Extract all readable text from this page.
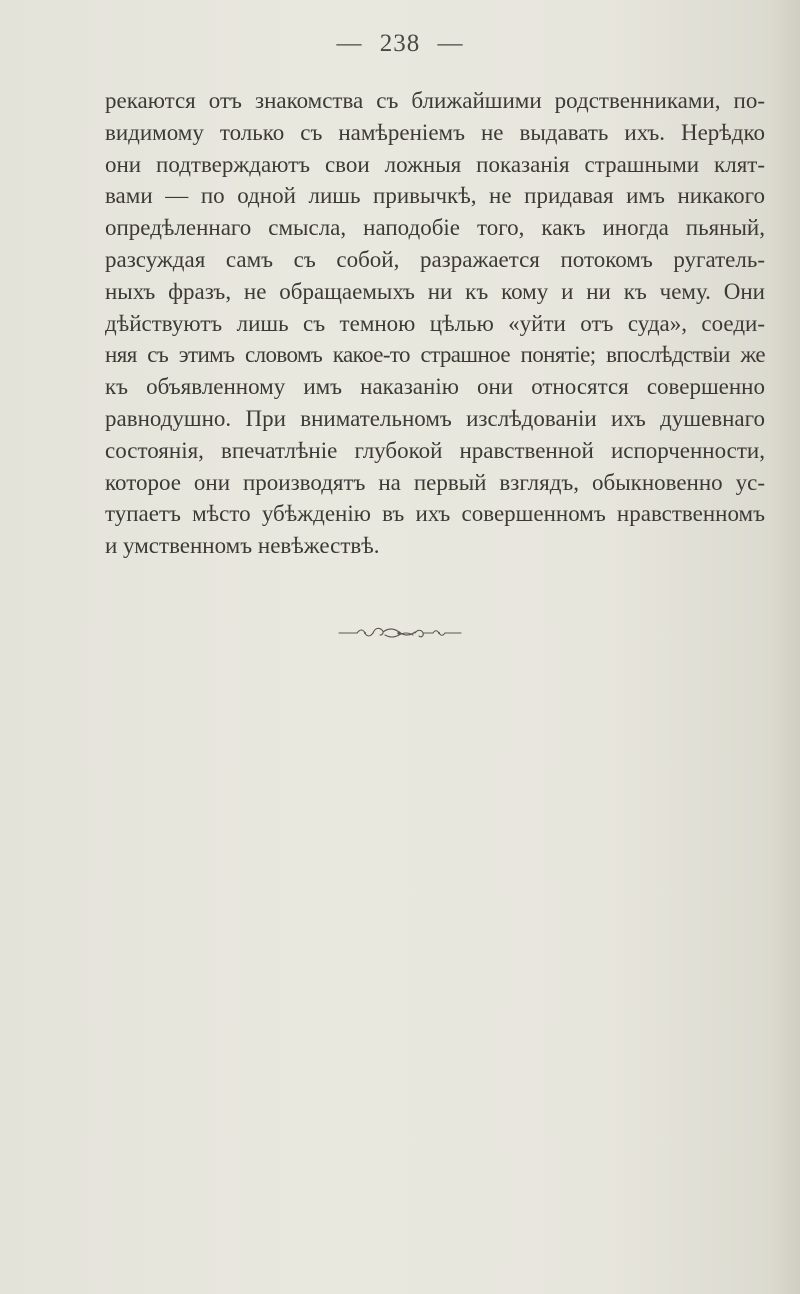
— 238 —
рекаются отъ знакомства съ ближайшими родственниками, по-
видимому только съ намѣреніемъ не выдавать ихъ. Нерѣдко
они подтверждаютъ свои ложныя показанія страшными клят-
вами — по одной лишь привычкѣ, не придавая имъ никакого
опредѣленнаго смысла, наподобіе того, какъ иногда пьяный,
разсуждая самъ съ собой, разражается потокомъ ругатель-
ныхъ фразъ, не обращаемыхъ ни къ кому и ни къ чему. Они
дѣйствуютъ лишь съ темною цѣлью «уйти отъ суда», соеди-
няя съ этимъ словомъ какое-то страшное понятіе; впослѣдствіи же
къ объявленному имъ наказанію они относятся совершенно
равнодушно. При внимательномъ изслѣдованіи ихъ душевнаго
состоянія, впечатлѣніе глубокой нравственной испорченности,
которое они производятъ на первый взглядъ, обыкновенно ус-
тупаетъ мѣсто убѣжденію въ ихъ совершенномъ нравственномъ
и умственномъ невѣжествѣ.
